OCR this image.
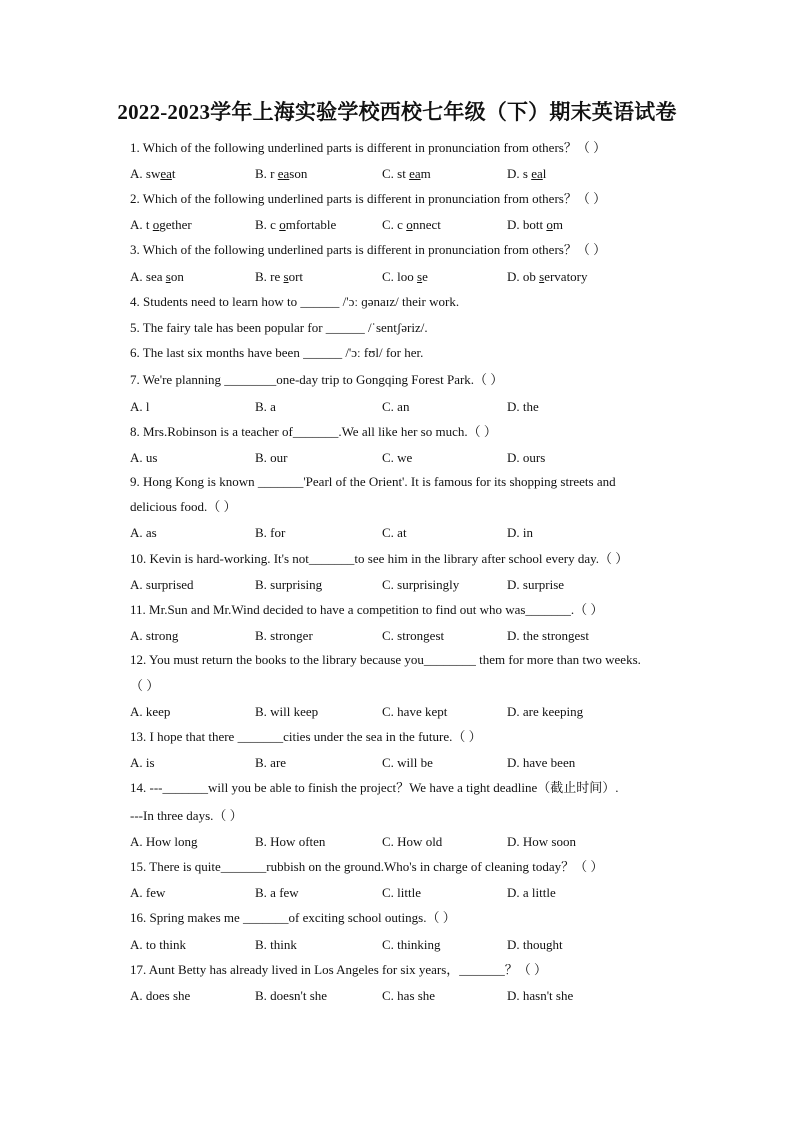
2022-2023学年上海实验学校西校七年级（下）期末英语试卷
1. Which of the following underlined parts is different in pronunciation from others？（ ）
A. sweat	B. r eason	C. st eam	D. s eal
2. Which of the following underlined parts is different in pronunciation from others？（ ）
A. t ogether	B. c omfortable	C. c onnect	D. bott om
3. Which of the following underlined parts is different in pronunciation from others？（ ）
A. sea son	B. re sort	C. loo se	D. ob servatory
4. Students need to learn how to ______ /'ɔː ɡənaɪz/ their work.
5. The fairy tale has been popular for ______ /ˈsentʃəriz/.
6. The last six months have been ______ /'ɔː fʊl/ for her.
7. We're planning ________one-day trip to Gongqing Forest Park.（ ）
A. l	B. a	C. an	D. the
8. Mrs.Robinson is a teacher of_______.We all like her so much.（ ）
A. us	B. our	C. we	D. ours
9. Hong Kong is known _______'Pearl of the Orient'. It is famous for its shopping streets and
delicious food.（ ）
A. as	B. for	C. at	D. in
10. Kevin is hard-working. It's not_______to see him in the library after school every day.（ ）
A. surprised	B. surprising	C. surprisingly	D. surprise
11. Mr.Sun and Mr.Wind decided to have a competition to find out who was_______.（ ）
A. strong	B. stronger	C. strongest	D. the strongest
12. You must return the books to the library because you________ them for more than two weeks.
（ ）
A. keep	B. will keep	C. have kept	D. are keeping
13. I hope that there _______cities under the sea in the future.（ ）
A. is	B. are	C. will be	D. have been
14. ---_______will you be able to finish the project？We have a tight deadline（截止时间）.
---In three days.（ ）
A. How long	B. How often	C. How old	D. How soon
15. There is quite_______rubbish on the ground.Who's in charge of cleaning today？（ ）
A. few	B. a few	C. little	D. a little
16. Spring makes me _______of exciting school outings.（ ）
A. to think	B. think	C. thinking	D. thought
17. Aunt Betty has already lived in Los Angeles for six years，_______？（ ）
A. does she	B. doesn't she	C. has she	D. hasn't she
